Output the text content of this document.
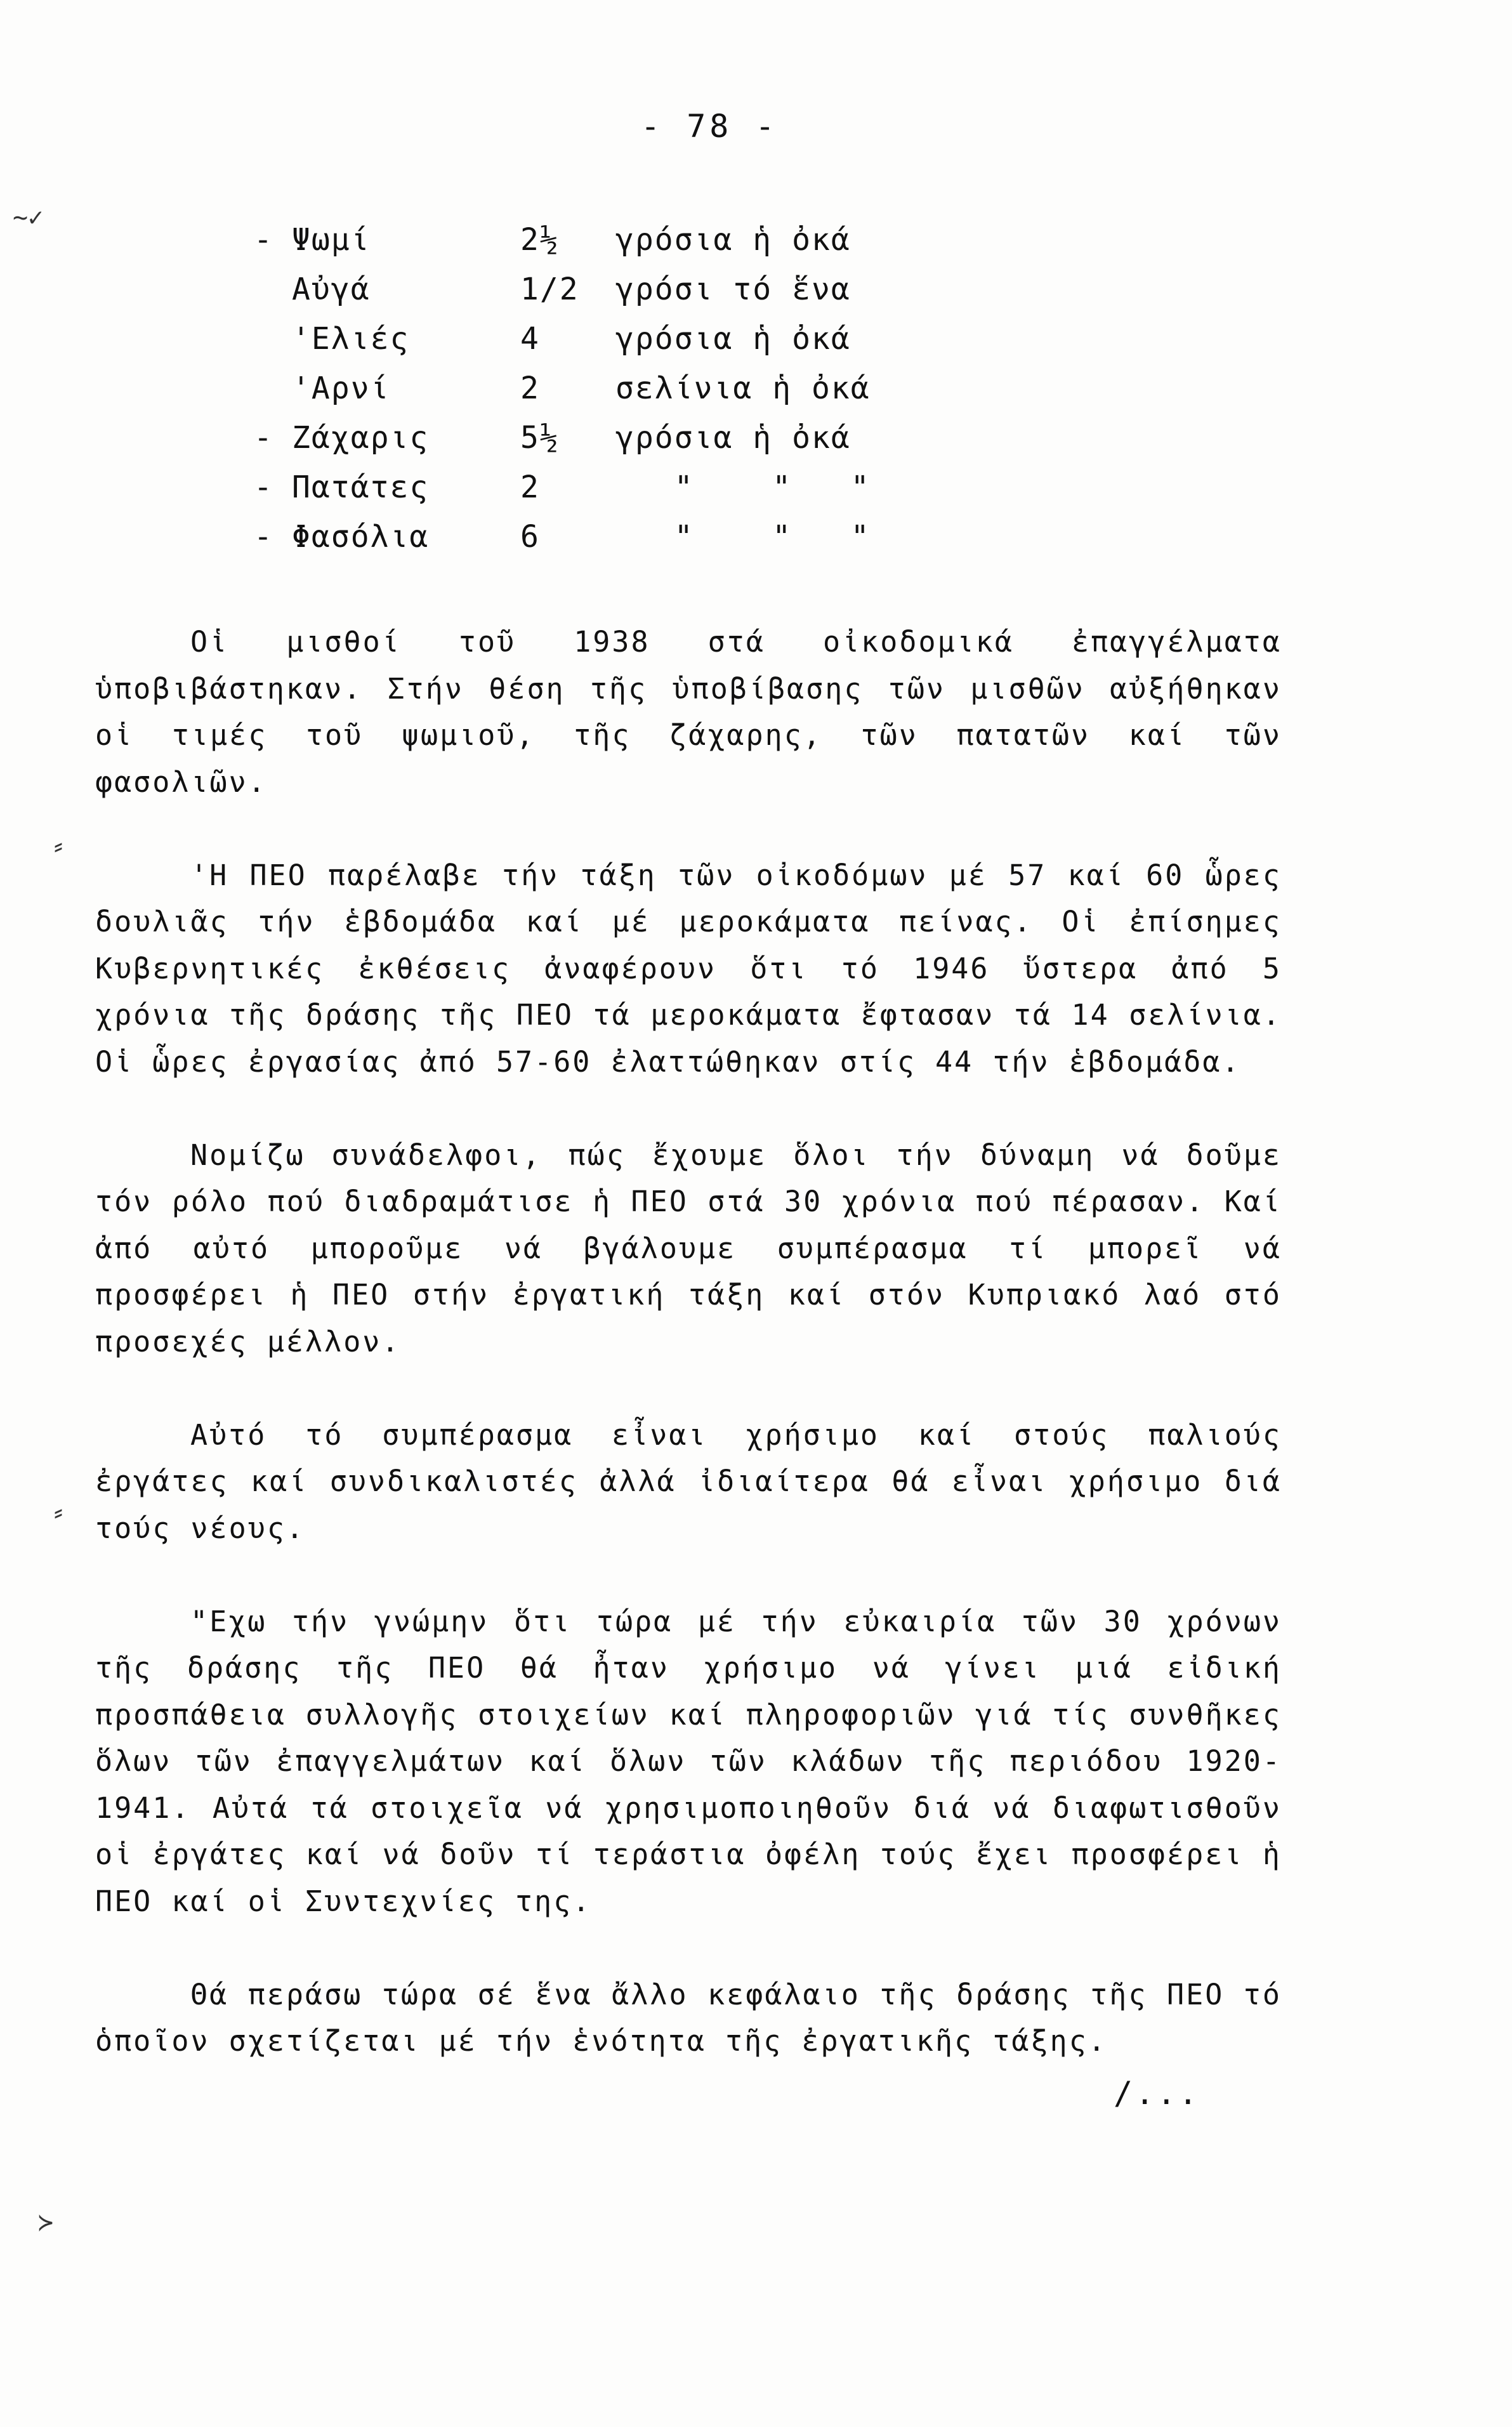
- 78 -
~✓
- Ψωμί	2½	γρόσια ἡ ὀκά
Αὐγά	1/2	γρόσι τό ἕνα
'Ελιές	4	γρόσια ἡ ὀκά
'Αρνί	2	σελίνια ἡ ὀκά
- Ζάχαρις	5½	γρόσια ἡ ὀκά
- Πατάτες	2	"    "   "
- Φασόλια	6	"    "   "

Οἱ μισθοί τοῦ 1938 στά οἰκοδομικά ἐπαγγέλματα ὑποβιβάστηκαν. Στήν θέση τῆς ὑποβίβασης τῶν μισθῶν αὐξήθηκαν οἱ τιμές τοῦ ψωμιοῦ, τῆς ζάχαρης, τῶν πατατῶν καί τῶν φασολιῶν.

'Η ΠΕΟ παρέλαβε τήν τάξη τῶν οἰκοδόμων μέ 57 καί 60 ὧρες δουλιᾶς τήν ἑβδομάδα καί μέ μεροκάματα πείνας. Οἱ ἐπίσημες Κυβερνητικές ἐκθέσεις ἀναφέρουν ὅτι τό 1946 ὕστερα ἀπό 5 χρόνια τῆς δράσης τῆς ΠΕΟ τά μεροκάματα ἔφτασαν τά 14 σελίνια. Οἱ ὧρες ἐργασίας ἀπό 57-60 ἐλαττώθηκαν στίς 44 τήν ἑβδομάδα.

Νομίζω συνάδελφοι, πώς ἔχουμε ὅλοι τήν δύναμη νά δοῦμε τόν ρόλο πού διαδραμάτισε ἡ ΠΕΟ στά 30 χρόνια πού πέρασαν. Καί ἀπό αὐτό μποροῦμε νά βγάλουμε συμπέρασμα τί μπορεῖ νά προσφέρει ἡ ΠΕΟ στήν ἐργατική τάξη καί στόν Κυπριακό λαό στό προσεχές μέλλον.

Αὐτό τό συμπέρασμα εἶναι χρήσιμο καί στούς παλιούς ἐργάτες καί συνδικαλιστές ἀλλά ἰδιαίτερα θά εἶναι χρήσιμο διά τούς νέους.

"Εχω τήν γνώμην ὅτι τώρα μέ τήν εὐκαιρία τῶν 30 χρόνων τῆς δράσης τῆς ΠΕΟ θά ἦταν χρήσιμο νά γίνει μιά εἰδική προσπάθεια συλλογῆς στοιχείων καί πληροφοριῶν γιά τίς συνθῆκες ὅλων τῶν ἐπαγγελμάτων καί ὅλων τῶν κλάδων τῆς περιόδου 1920-1941. Αὐτά τά στοιχεῖα νά χρησιμοποιηθοῦν διά νά διαφωτισθοῦν οἱ ἐργάτες καί νά δοῦν τί τεράστια ὀφέλη τούς ἔχει προσφέρει ἡ ΠΕΟ καί οἱ Συντεχνίες της.

Θά περάσω τώρα σέ ἕνα ἄλλο κεφάλαιο τῆς δράσης τῆς ΠΕΟ τό ὁποῖον σχετίζεται μέ τήν ἑνότητα τῆς ἐργατικῆς τάξης.

⸗
⸗
≻
/...
